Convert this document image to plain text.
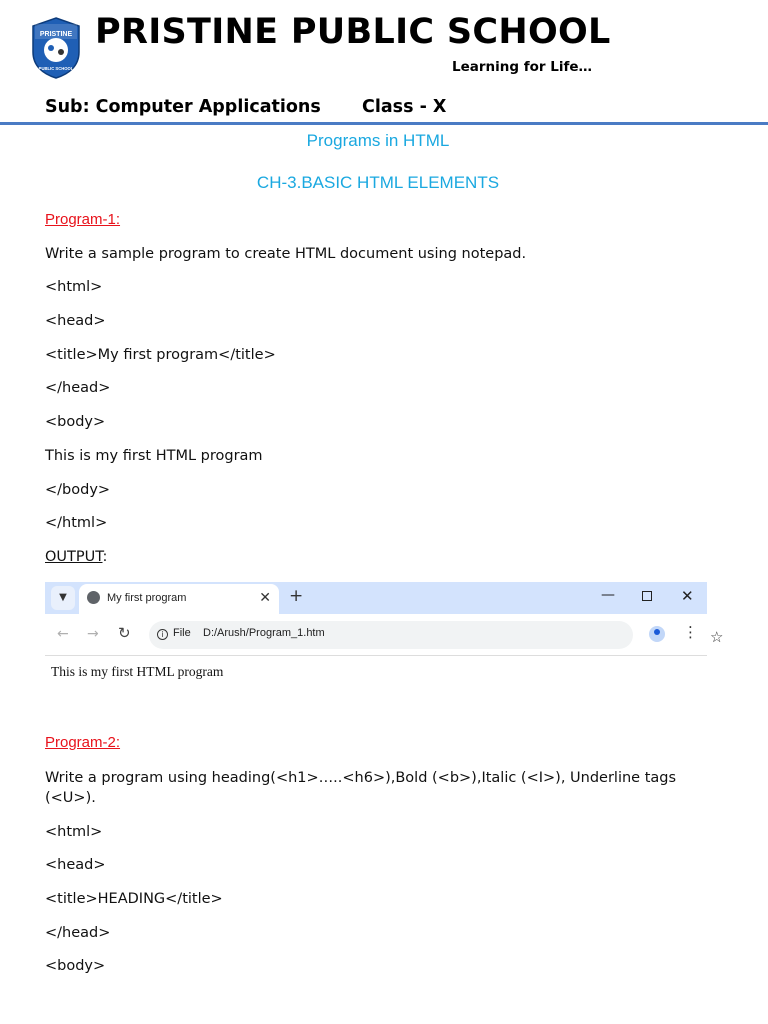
PRISTINE
PUBLIC SCHOOL
PRISTINE PUBLIC SCHOOL
Learning for Life…
Sub: Computer Applications Class - X
Programs in HTML
CH-3.BASIC HTML ELEMENTS
Program-1:
Write a sample program to create HTML document using notepad.
<html>
<head>
<title>My first program</title>
</head>
<body>
This is my first HTML program
</body>
</html>
OUTPUT:
▼	My first program	✕ +	—	✕
← → ↻	i File D:/Arush/Program_1.htm	☆
⋮
This is my first HTML program
Program-2:
Write a program using heading(<h1>…..<h6>),Bold (<b>),Italic (<I>), Underline tags (<U>).
<html>
<head>
<title>HEADING</title>
</head>
<body>
